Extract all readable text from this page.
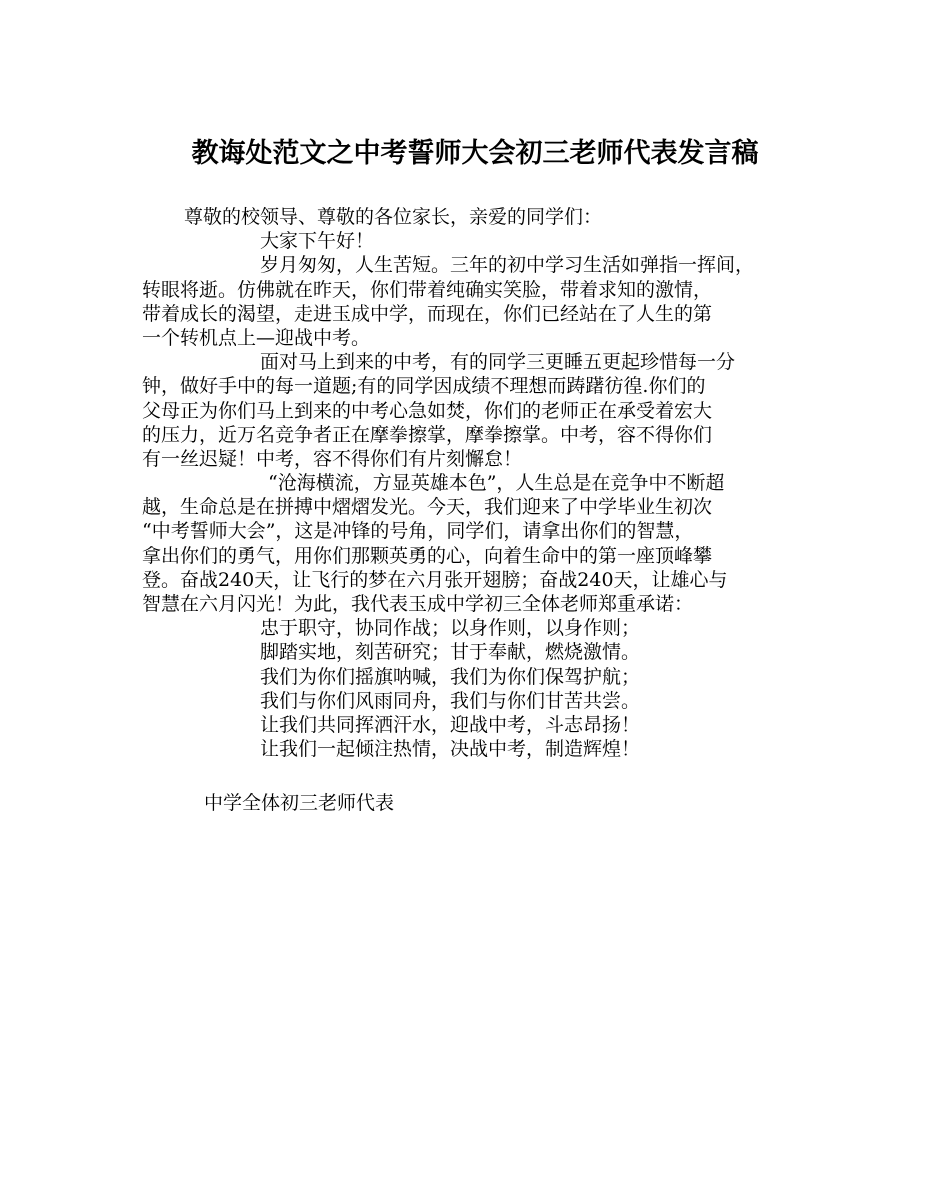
教诲处范文之中考誓师大会初三老师代表发言稿
尊敬的校领导、尊敬的各位家长，亲爱的同学们：
大家下午好！
岁月匆匆，人生苦短。三年的初中学习生活如弹指一挥间，
转眼将逝。仿佛就在昨天，你们带着纯确实笑脸，带着求知的激情，
带着成长的渴望，走进玉成中学，而现在，你们已经站在了人生的第
一个转机点上—迎战中考。
面对马上到来的中考，有的同学三更睡五更起珍惜每一分
钟，做好手中的每一道题;有的同学因成绩不理想而踌躇彷徨.你们的
父母正为你们马上到来的中考心急如焚，你们的老师正在承受着宏大
的压力，近万名竞争者正在摩拳擦掌，摩拳擦掌。中考，容不得你们
有一丝迟疑！中考，容不得你们有片刻懈怠！
“沧海横流，方显英雄本色”，人生总是在竞争中不断超
越，生命总是在拼搏中熠熠发光。今天，我们迎来了中学毕业生初次
“中考誓师大会”，这是冲锋的号角，同学们，请拿出你们的智慧，
拿出你们的勇气，用你们那颗英勇的心，向着生命中的第一座顶峰攀
登。奋战240天，让飞行的梦在六月张开翅膀；奋战240天，让雄心与
智慧在六月闪光！为此，我代表玉成中学初三全体老师郑重承诺：
忠于职守，协同作战；以身作则，以身作则；
脚踏实地，刻苦研究；甘于奉献，燃烧激情。
我们为你们摇旗呐喊，我们为你们保驾护航；
我们与你们风雨同舟，我们与你们甘苦共尝。
让我们共同挥洒汗水，迎战中考，斗志昂扬！
让我们一起倾注热情，决战中考，制造辉煌！
中学全体初三老师代表
